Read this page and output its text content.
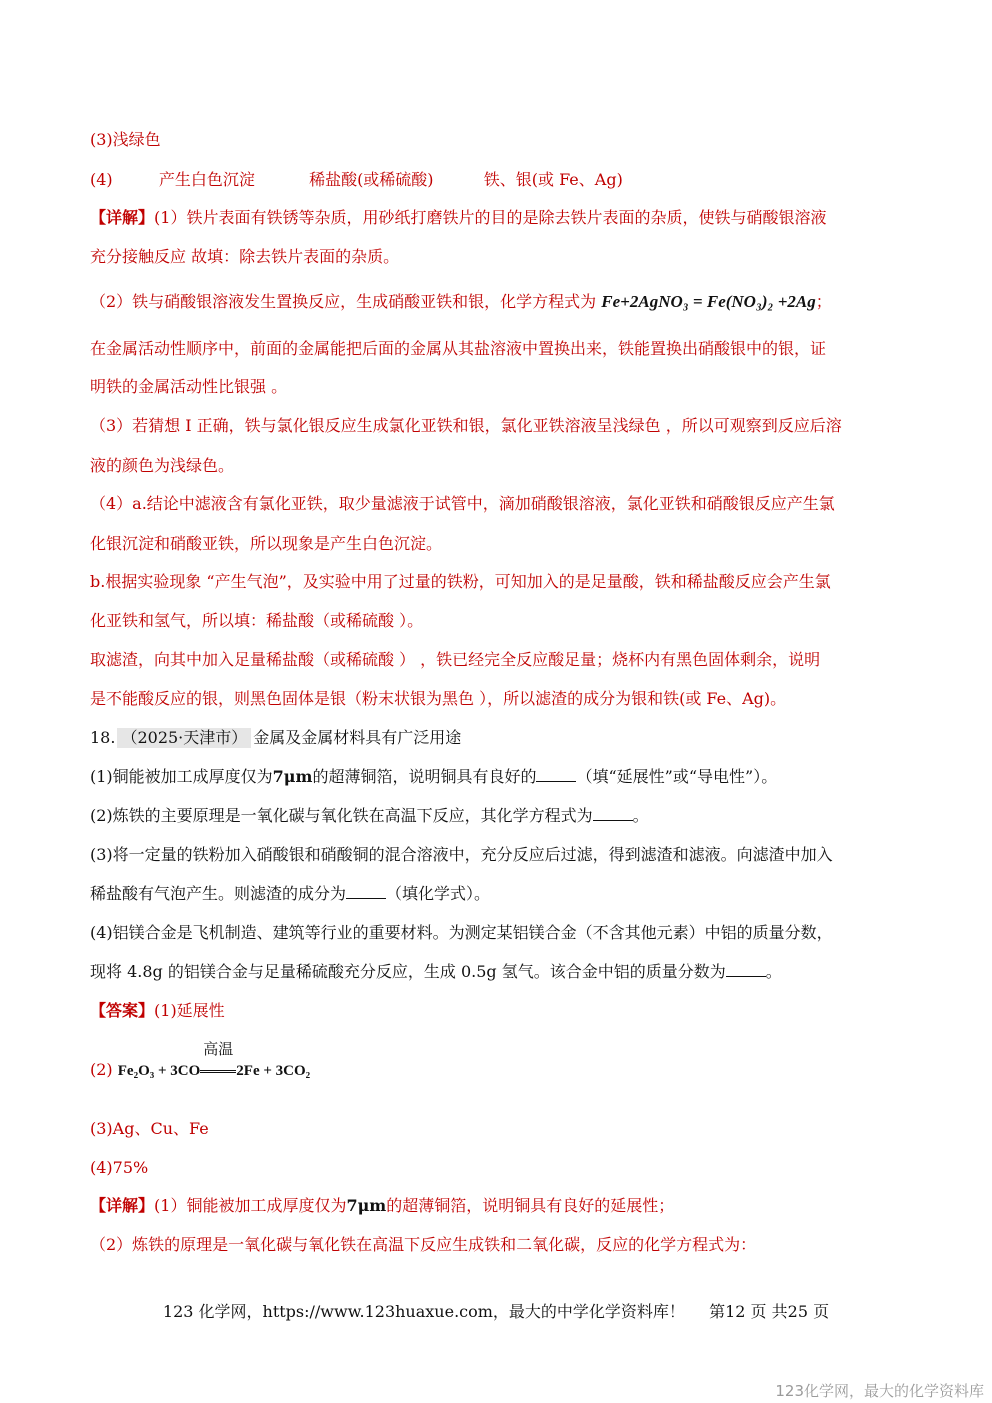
(3)浅绿色
(4)	产生白色沉淀	稀盐酸(或稀硫酸)	铁、银(或 Fe、Ag)
【详解】(1）铁片表面有铁锈等杂质，用砂纸打磨铁片的目的是除去铁片表面的杂质，使铁与硝酸银溶液
充分接触反应 故填：除去铁片表面的杂质。
（2）铁与硝酸银溶液发生置换反应，生成硝酸亚铁和银，化学方程式为 Fe+2AgNO₃ = Fe(NO₃)₂ +2Ag；
在金属活动性顺序中，前面的金属能把后面的金属从其盐溶液中置换出来，铁能置换出硝酸银中的银，证
明铁的金属活动性比银强 。
（3）若猜想 I 正确，铁与氯化银反应生成氯化亚铁和银，氯化亚铁溶液呈浅绿色 ，所以可观察到反应后溶
液的颜色为浅绿色。
（4）a.结论中滤液含有氯化亚铁，取少量滤液于试管中，滴加硝酸银溶液，氯化亚铁和硝酸银反应产生氯
化银沉淀和硝酸亚铁，所以现象是产生白色沉淀。
b.根据实验现象 “产生气泡”，及实验中用了过量的铁粉，可知加入的是足量酸，铁和稀盐酸反应会产生氯
化亚铁和氢气，所以填：稀盐酸（或稀硫酸 ）。
取滤渣，向其中加入足量稀盐酸（或稀硫酸 ） ，铁已经完全反应酸足量；烧杯内有黑色固体剩余，说明
是不能酸反应的银，则黑色固体是银（粉末状银为黑色 ），所以滤渣的成分为银和铁(或 Fe、Ag)。
18. （2025·天津市） 金属及金属材料具有广泛用途
(1)铜能被加工成厚度仅为7μm的超薄铜箔，说明铜具有良好的	（填“延展性”或“导电性”）。
(2)炼铁的主要原理是一氧化碳与氧化铁在高温下反应，其化学方程式为	。
(3)将一定量的铁粉加入硝酸银和硝酸铜的混合溶液中，充分反应后过滤，得到滤渣和滤液。向滤渣中加入
稀盐酸有气泡产生。则滤渣的成分为	（填化学式）。
(4)铝镁合金是飞机制造、建筑等行业的重要材料。为测定某铝镁合金（不含其他元素）中铝的质量分数，
现将 4.8g 的铝镁合金与足量稀硫酸充分反应，生成 0.5g 氢气。该合金中铝的质量分数为	。
【答案】(1)延展性
(2) Fe₂O₃ + 3CO
高温
2Fe + 3CO₂
(3)Ag、Cu、Fe
(4)75%
【详解】(1）铜能被加工成厚度仅为7μm的超薄铜箔，说明铜具有良好的延展性；
（2）炼铁的原理是一氧化碳与氧化铁在高温下反应生成铁和二氧化碳，反应的化学方程式为：
123 化学网，https://www.123huaxue.com，最大的中学化学资料库！ 第12 页 共25 页
123化学网，最大的化学资料库
